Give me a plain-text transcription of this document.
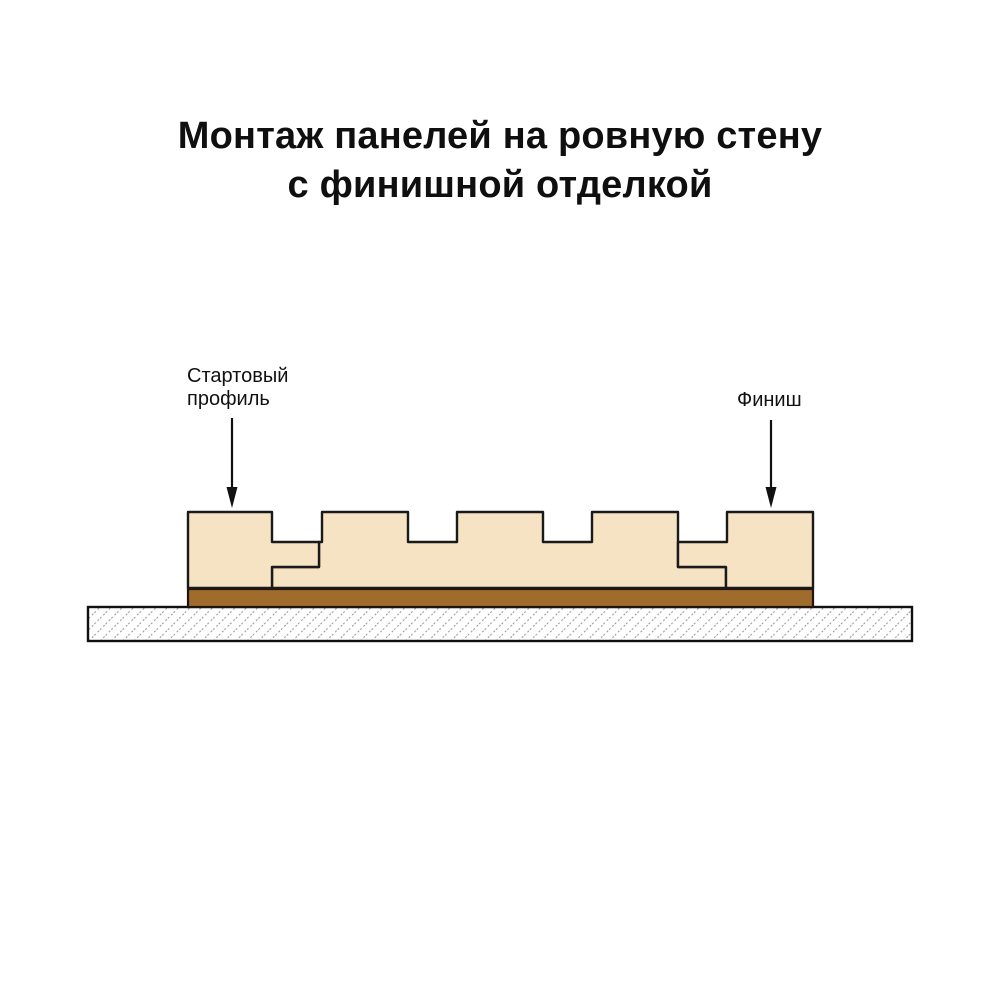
Монтаж панелей на ровную стену
с финишной отделкой
Стартовый профиль	Финиш
